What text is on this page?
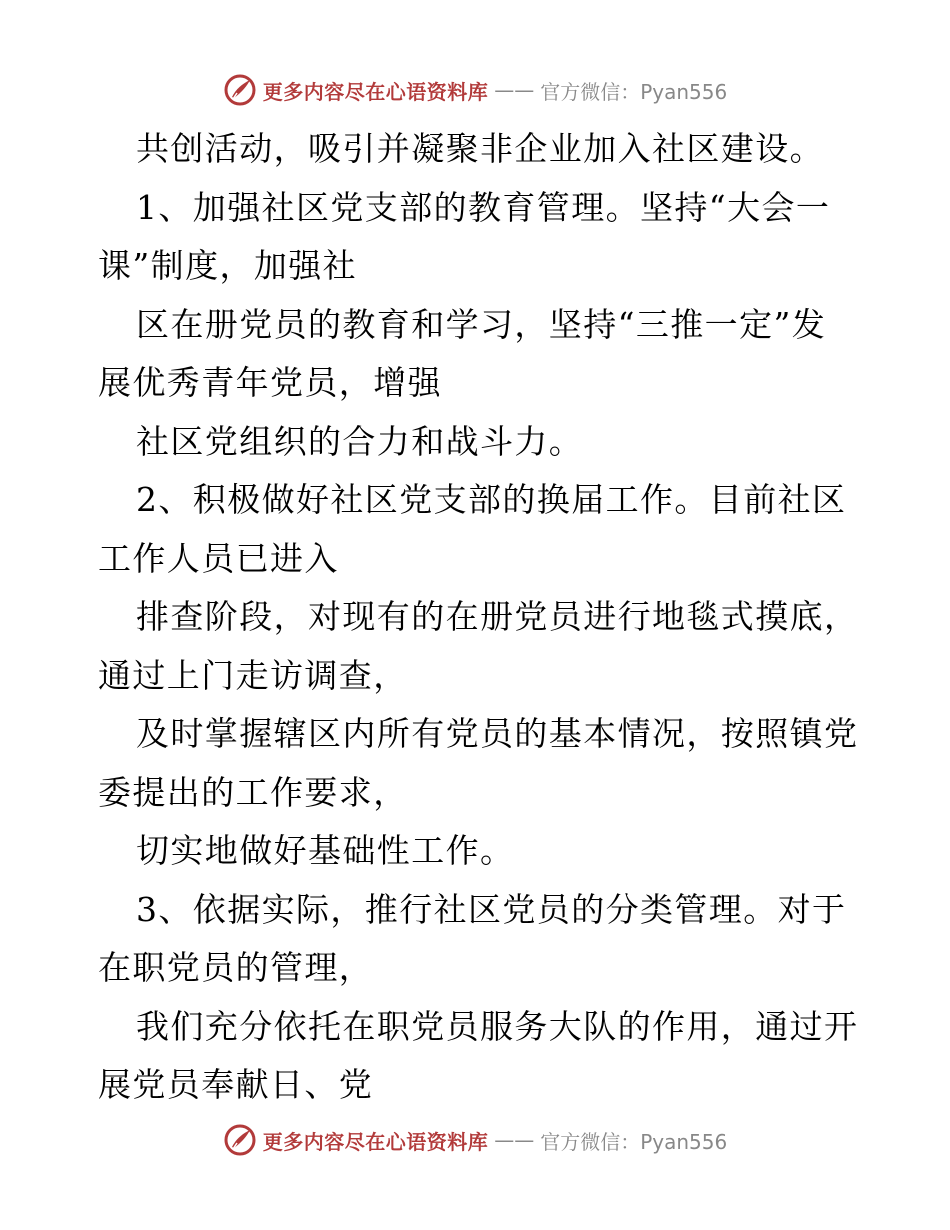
更多内容尽在心语资料库 —— 官方微信：Pyan556
共创活动，吸引并凝聚非企业加入社区建设。
1、加强社区党支部的教育管理。坚持“大会一
课”制度，加强社
区在册党员的教育和学习，坚持“三推一定”发
展优秀青年党员，增强
社区党组织的合力和战斗力。
2、积极做好社区党支部的换届工作。目前社区
工作人员已进入
排查阶段，对现有的在册党员进行地毯式摸底，
通过上门走访调查，
及时掌握辖区内所有党员的基本情况，按照镇党
委提出的工作要求，
切实地做好基础性工作。
3、依据实际，推行社区党员的分类管理。对于
在职党员的管理，
我们充分依托在职党员服务大队的作用，通过开
展党员奉献日、党
更多内容尽在心语资料库 —— 官方微信：Pyan556
